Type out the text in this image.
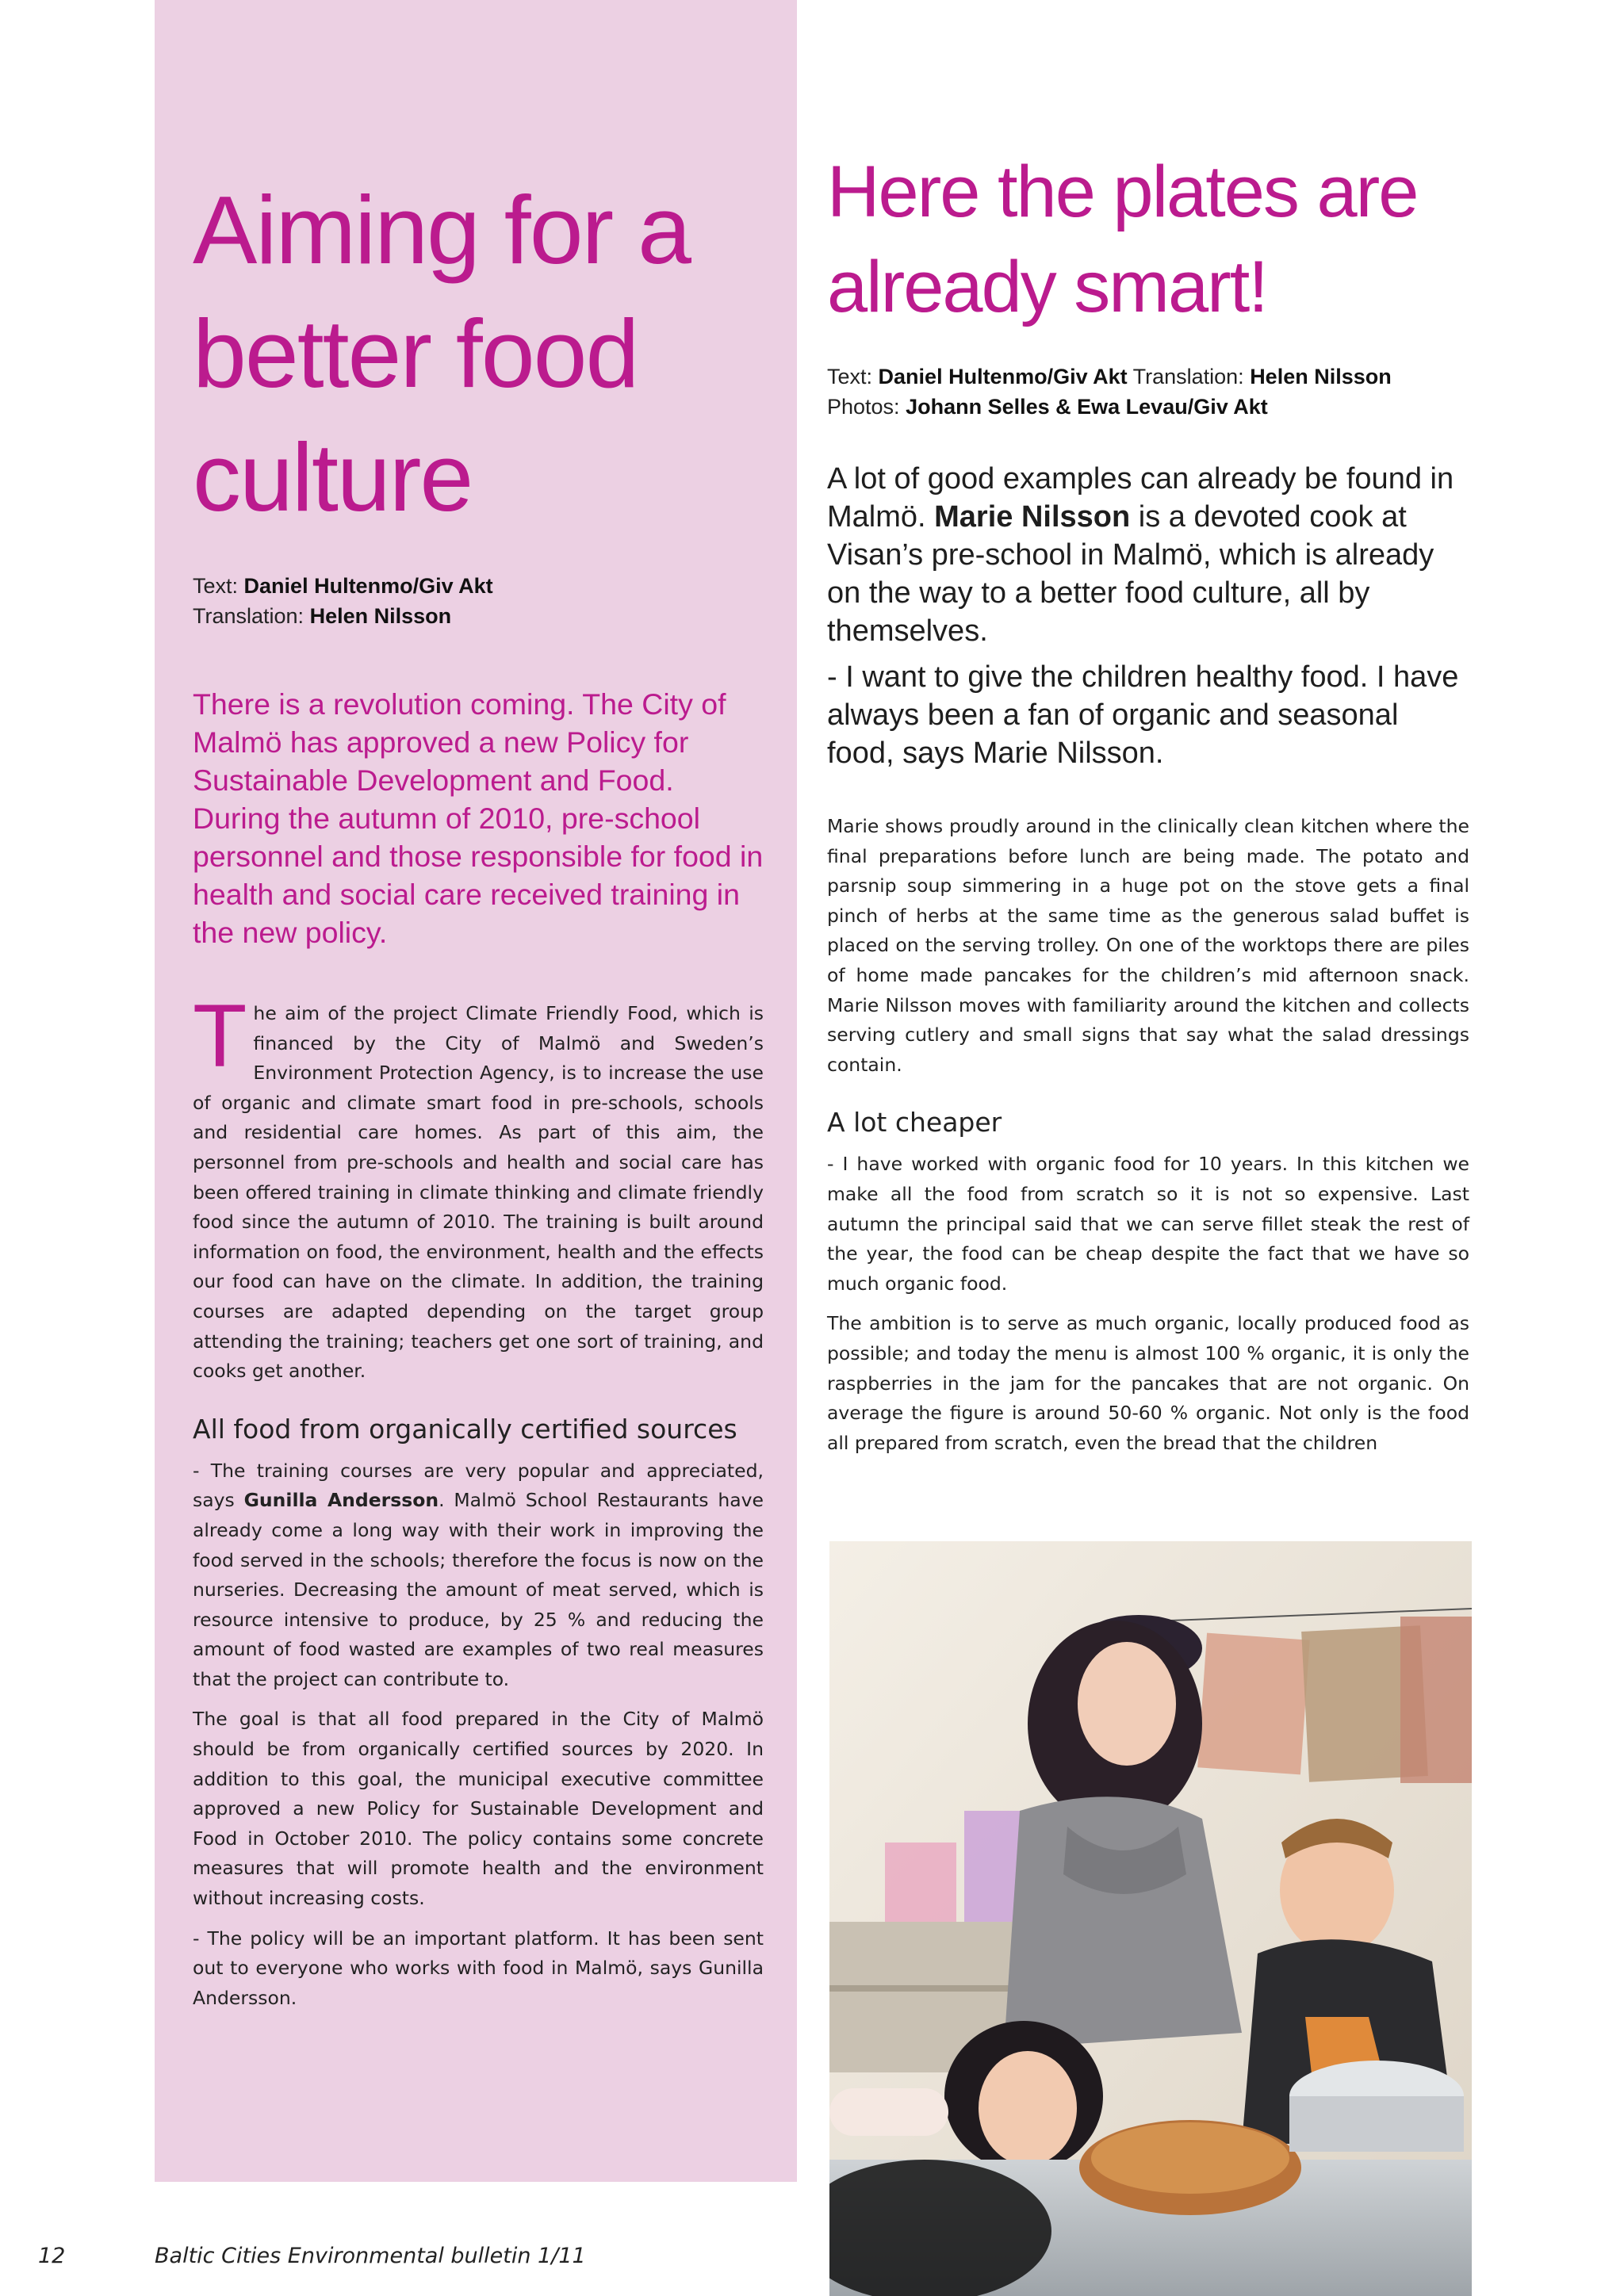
Aiming for a
better food
culture
Text: Daniel Hultenmo/Giv Akt
Translation: Helen Nilsson

There is a revolution coming. The City of Malmö has approved a new Policy for Sustainable Development and Food. During the autumn of 2010, pre-school personnel and those responsible for food in health and social care received training in the new policy.

The aim of the project Climate Friendly Food, which is financed by the City of Malmö and Sweden’s Environment Protection Agency, is to increase the use of organic and climate smart food in pre-schools, schools and residential care homes. As part of this aim, the personnel from pre-schools and health and social care has been offered training in climate thinking and climate friendly food since the autumn of 2010. The training is built around information on food, the environment, health and the effects our food can have on the climate. In addition, the training courses are adapted depending on the target group attending the training; teachers get one sort of training, and cooks get another.

All food from organically certified sources

- The training courses are very popular and appreciated, says Gunilla Andersson. Malmö School Restaurants have already come a long way with their work in improving the food served in the schools; therefore the focus is now on the nurseries. Decreasing the amount of meat served, which is resource intensive to produce, by 25 % and reducing the amount of food wasted are examples of two real measures that the project can contribute to.

The goal is that all food prepared in the City of Malmö should be from organically certified sources by 2020. In addition to this goal, the municipal executive committee approved a new Policy for Sustainable Development and Food in October 2010. The policy contains some concrete measures that will promote health and the environment without increasing costs.

- The policy will be an important platform. It has been sent out to everyone who works with food in Malmö, says Gunilla Andersson.

Here the plates are
already smart!
Text: Daniel Hultenmo/Giv Akt Translation: Helen Nilsson
Photos: Johann Selles & Ewa Levau/Giv Akt

A lot of good examples can already be found in Malmö. Marie Nilsson is a devoted cook at Visan’s pre-school in Malmö, which is already on the way to a better food culture, all by themselves.

- I want to give the children healthy food. I have always been a fan of organic and seasonal food, says Marie Nilsson.

Marie shows proudly around in the clinically clean kitchen where the final preparations before lunch are being made. The potato and parsnip soup simmering in a huge pot on the stove gets a final pinch of herbs at the same time as the generous salad buffet is placed on the serving trolley. On one of the worktops there are piles of home made pancakes for the children’s mid afternoon snack. Marie Nilsson moves with familiarity around the kitchen and collects serving cutlery and small signs that say what the salad dressings contain.

A lot cheaper

- I have worked with organic food for 10 years. In this kitchen we make all the food from scratch so it is not so expensive. Last autumn the principal said that we can serve fillet steak the rest of the year, the food can be cheap despite the fact that we have so much organic food.

The ambition is to serve as much organic, locally produced food as possible; and today the menu is almost 100 % organic, it is only the raspberries in the jam for the pancakes that are not organic. On average the figure is around 50-60 % organic. Not only is the food all prepared from scratch, even the bread that the children

12	Baltic Cities Environmental bulletin 1/11
